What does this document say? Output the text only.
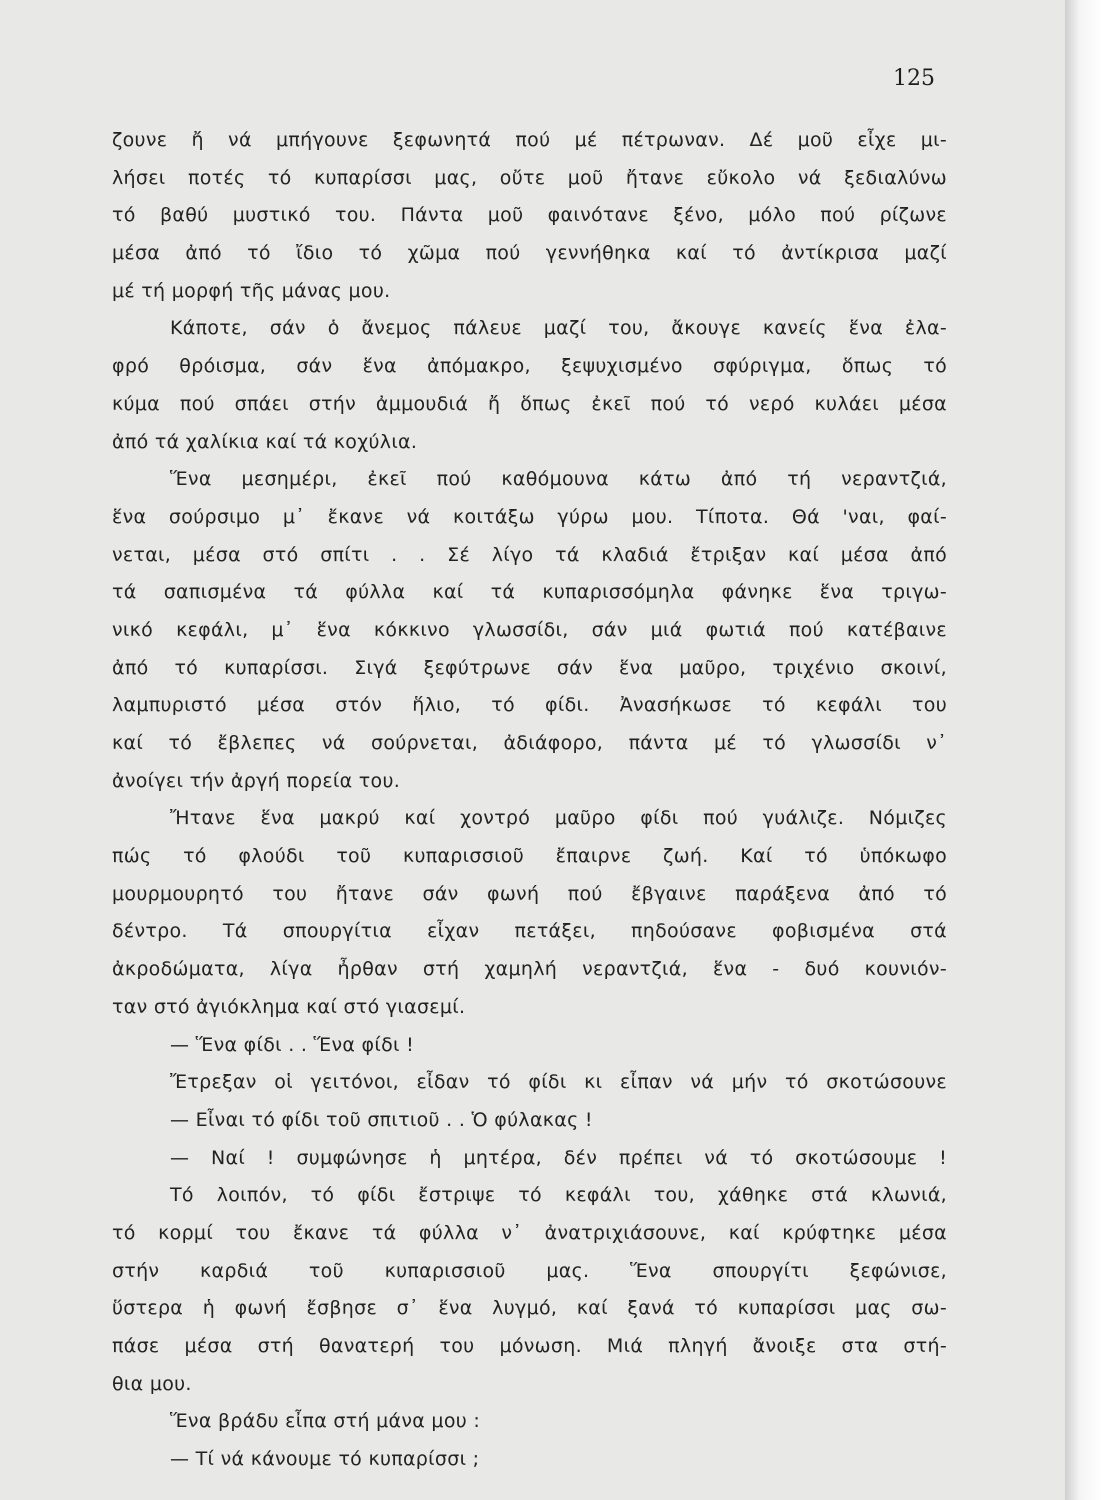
125
ζουνε ἤ νά μπήγουνε ξεφωνητά πού μέ πέτρωναν. Δέ μοῦ εἶχε μι-
λήσει ποτές τό κυπαρίσσι μας, οὔτε μοῦ ἤτανε εὔκολο νά ξεδιαλύνω
τό βαθύ μυστικό του. Πάντα μοῦ φαινότανε ξένο, μόλο πού ρίζωνε
μέσα ἀπό τό ἴδιο τό χῶμα πού γεννήθηκα καί τό ἀντίκρισα μαζί
μέ τή μορφή τῆς μάνας μου.
Κάποτε, σάν ὁ ἄνεμος πάλευε μαζί του, ἄκουγε κανείς ἕνα ἐλα-
φρό θρόισμα, σάν ἕνα ἀπόμακρο, ξεψυχισμένο σφύριγμα, ὅπως τό
κύμα πού σπάει στήν ἀμμουδιά ἤ ὅπως ἐκεῖ πού τό νερό κυλάει μέσα
ἀπό τά χαλίκια καί τά κοχύλια.
Ἕνα μεσημέρι, ἐκεῖ πού καθόμουνα κάτω ἀπό τή νεραντζιά,
ἕνα σούρσιμο μ᾽ ἔκανε νά κοιτάξω γύρω μου. Τίποτα. Θά 'ναι, φαί-
νεται, μέσα στό σπίτι . . Σέ λίγο τά κλαδιά ἔτριξαν καί μέσα ἀπό
τά σαπισμένα τά φύλλα καί τά κυπαρισσόμηλα φάνηκε ἕνα τριγω-
νικό κεφάλι, μ᾽ ἕνα κόκκινο γλωσσίδι, σάν μιά φωτιά πού κατέβαινε
ἀπό τό κυπαρίσσι. Σιγά ξεφύτρωνε σάν ἕνα μαῦρο, τριχένιο σκοινί,
λαμπυριστό μέσα στόν ἥλιο, τό φίδι. Ἀνασήκωσε τό κεφάλι του
καί τό ἔβλεπες νά σούρνεται, ἀδιάφορο, πάντα μέ τό γλωσσίδι ν᾽
ἀνοίγει τήν ἀργή πορεία του.
Ἤτανε ἕνα μακρύ καί χοντρό μαῦρο φίδι πού γυάλιζε. Νόμιζες
πώς τό φλούδι τοῦ κυπαρισσιοῦ ἔπαιρνε ζωή. Καί τό ὑπόκωφο
μουρμουρητό του ἤτανε σάν φωνή πού ἔβγαινε παράξενα ἀπό τό
δέντρο. Τά σπουργίτια εἶχαν πετάξει, πηδούσανε φοβισμένα στά
ἀκροδώματα, λίγα ἦρθαν στή χαμηλή νεραντζιά, ἕνα - δυό κουνιόν-
ταν στό ἀγιόκλημα καί στό γιασεμί.
— Ἕνα φίδι . . Ἕνα φίδι !
Ἔτρεξαν οἱ γειτόνοι, εἶδαν τό φίδι κι εἶπαν νά μήν τό σκοτώσουνε
— Εἶναι τό φίδι τοῦ σπιτιοῦ . . Ὁ φύλακας !
— Ναί ! συμφώνησε ἡ μητέρα, δέν πρέπει νά τό σκοτώσουμε !
Τό λοιπόν, τό φίδι ἔστριψε τό κεφάλι του, χάθηκε στά κλωνιά,
τό κορμί του ἔκανε τά φύλλα ν᾽ ἀνατριχιάσουνε, καί κρύφτηκε μέσα
στήν καρδιά τοῦ κυπαρισσιοῦ μας. Ἕνα σπουργίτι ξεφώνισε,
ὕστερα ἡ φωνή ἔσβησε σ᾽ ἕνα λυγμό, καί ξανά τό κυπαρίσσι μας σω-
πάσε μέσα στή θανατερή του μόνωση. Μιά πληγή ἄνοιξε στα στή-
θια μου.
Ἕνα βράδυ εἶπα στή μάνα μου :
— Τί νά κάνουμε τό κυπαρίσσι ;
